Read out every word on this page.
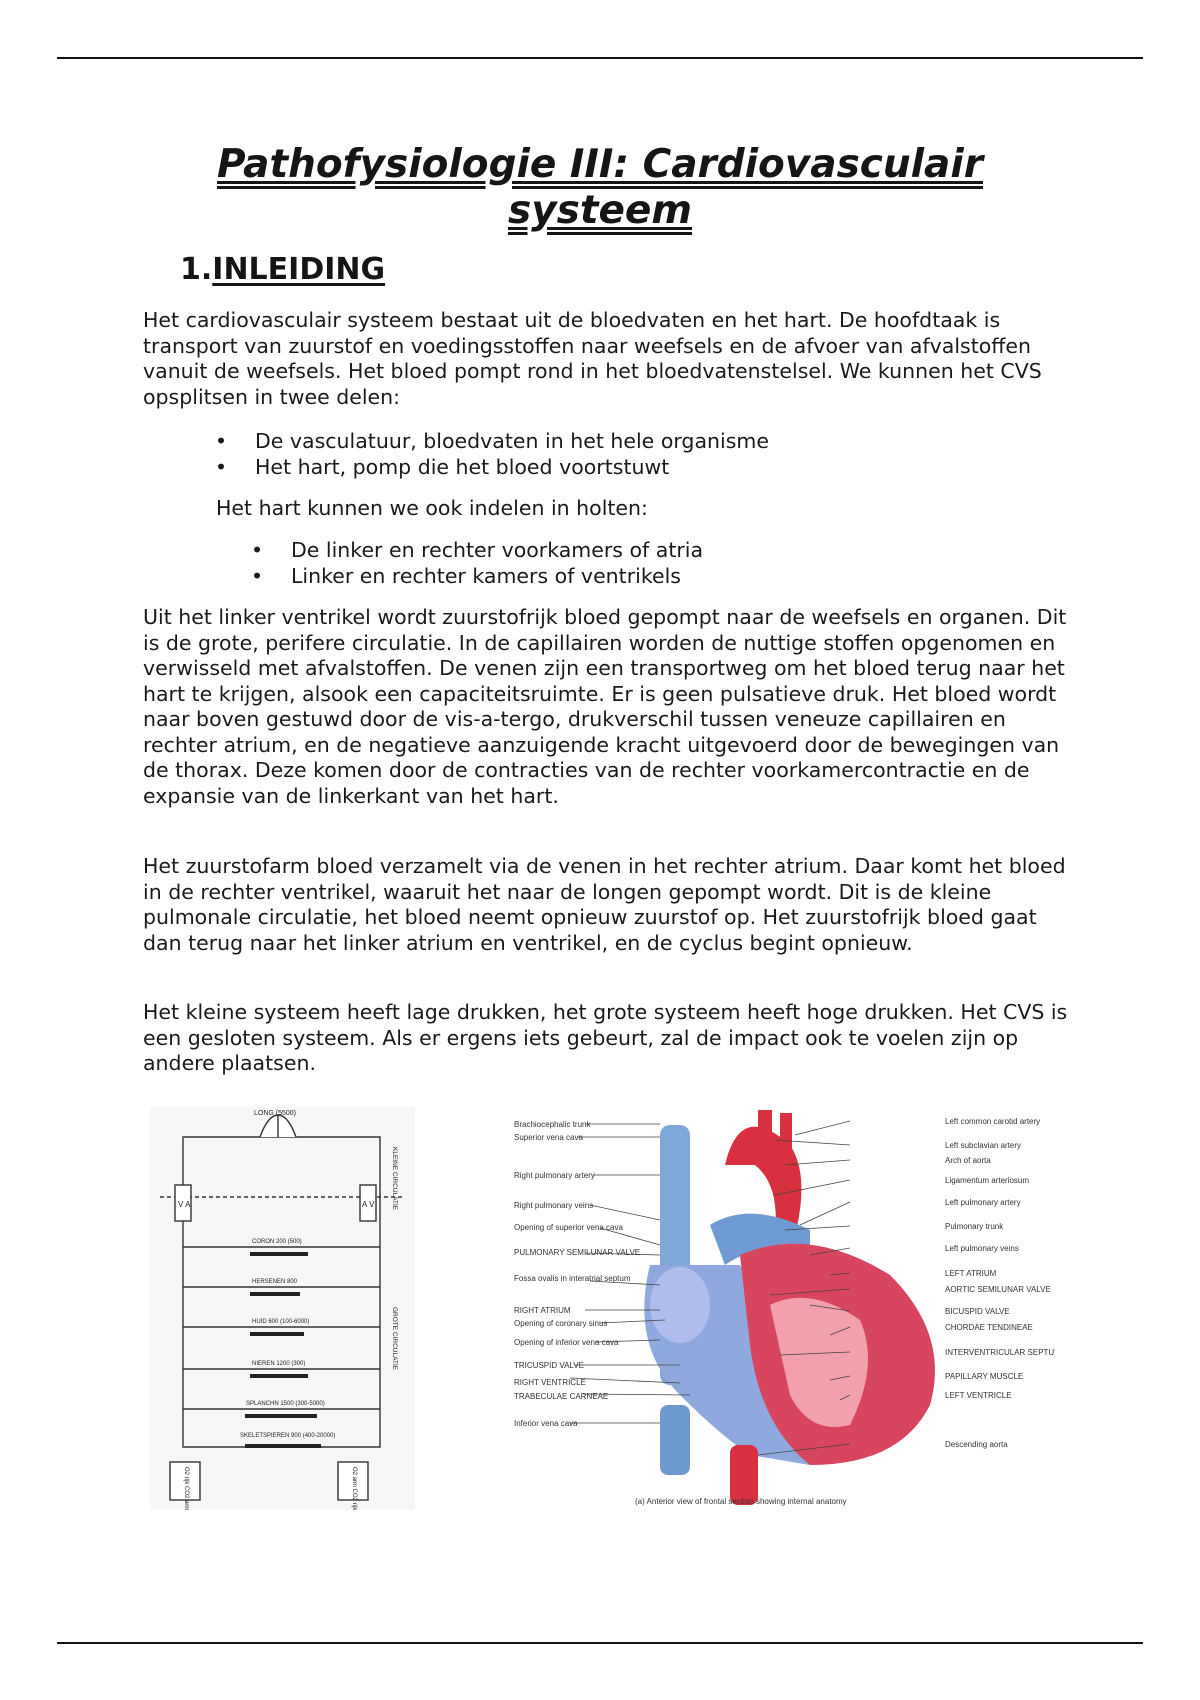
Pathofysiologie III: Cardiovasculair
systeem
1.INLEIDING

Het cardiovasculair systeem bestaat uit de bloedvaten en het hart. De hoofdtaak is transport van zuurstof en voedingsstoffen naar weefsels en de afvoer van afvalstoffen vanuit de weefsels. Het bloed pompt rond in het bloedvatenstelsel. We kunnen het CVS opsplitsen in twee delen:

• De vasculatuur, bloedvaten in het hele organisme
• Het hart, pomp die het bloed voortstuwt

Het hart kunnen we ook indelen in holten:

• De linker en rechter voorkamers of atria
• Linker en rechter kamers of ventrikels

Uit het linker ventrikel wordt zuurstofrijk bloed gepompt naar de weefsels en organen. Dit is de grote, perifere circulatie. In de capillairen worden de nuttige stoffen opgenomen en verwisseld met afvalstoffen. De venen zijn een transportweg om het bloed terug naar het hart te krijgen, alsook een capaciteitsruimte. Er is geen pulsatieve druk. Het bloed wordt naar boven gestuwd door de vis-a-tergo, drukverschil tussen veneuze capillairen en rechter atrium, en de negatieve aanzuigende kracht uitgevoerd door de bewegingen van de thorax. Deze komen door de contracties van de rechter voorkamercontractie en de expansie van de linkerkant van het hart.

Het zuurstofarm bloed verzamelt via de venen in het rechter atrium. Daar komt het bloed in de rechter ventrikel, waaruit het naar de longen gepompt wordt. Dit is de kleine pulmonale circulatie, het bloed neemt opnieuw zuurstof op. Het zuurstofrijk bloed gaat dan terug naar het linker atrium en ventrikel, en de cyclus begint opnieuw.

Het kleine systeem heeft lage drukken, het grote systeem heeft hoge drukken. Het CVS is een gesloten systeem. Als er ergens iets gebeurt, zal de impact ook te voelen zijn op andere plaatsen.

LONG (5500)
V A	A V	KLEINE CIRCULATIE
GROTE CIRCULATIE
CORON 200 (500)
HERSENEN 800
HUID 600 (100-6000)
NIEREN 1200 (300)
SPLANCHN 1500 (300-5000)
SKELETSPIEREN 900 (400-20000)
O2 rijk CO2 arm	O2 arm CO2 rijk
Brachiocephalic trunk
Superior vena cava
Right pulmonary artery
Right pulmonary veins
Opening of superior vena cava
PULMONARY SEMILUNAR VALVE
Fossa ovalis in interatrial septum
RIGHT ATRIUM
Opening of coronary sinus
Opening of inferior vena cava
TRICUSPID VALVE
RIGHT VENTRICLE
TRABECULAE CARNEAE
Inferior vena cava
Left common carotid artery
Left subclavian artery
Arch of aorta
Ligamentum arteriosum
Left pulmonary artery
Pulmonary trunk
Left pulmonary veins
LEFT ATRIUM
AORTIC SEMILUNAR VALVE
BICUSPID VALVE
CHORDAE TENDINEAE
INTERVENTRICULAR SEPTUM
PAPILLARY MUSCLE
LEFT VENTRICLE
Descending aorta
(a) Anterior view of frontal section showing internal anatomy
